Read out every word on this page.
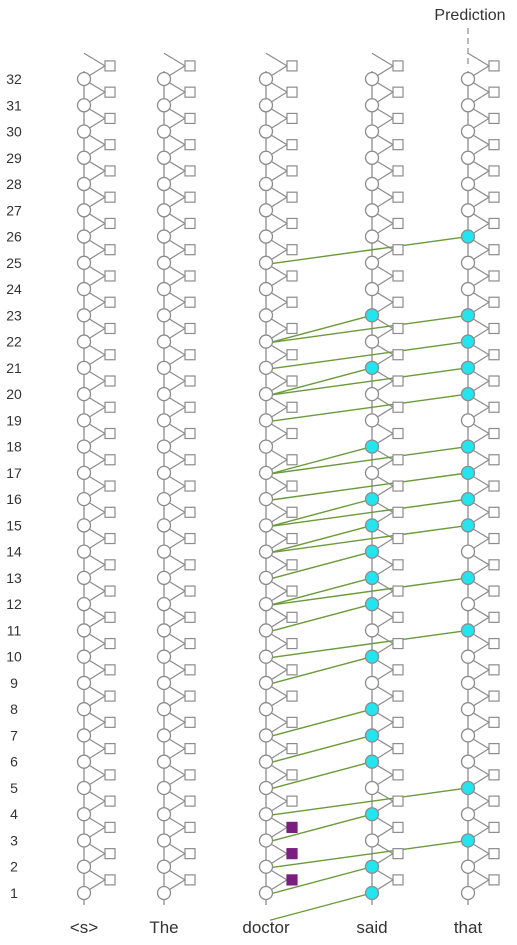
Prediction
1
2
3
4
5
6
7
8
9
10
11
12
13
14
15
16
17
18
19
20
21
22
23
24
25
26
27
28
29
30
31
32
<s>	The	doctor	said	that
